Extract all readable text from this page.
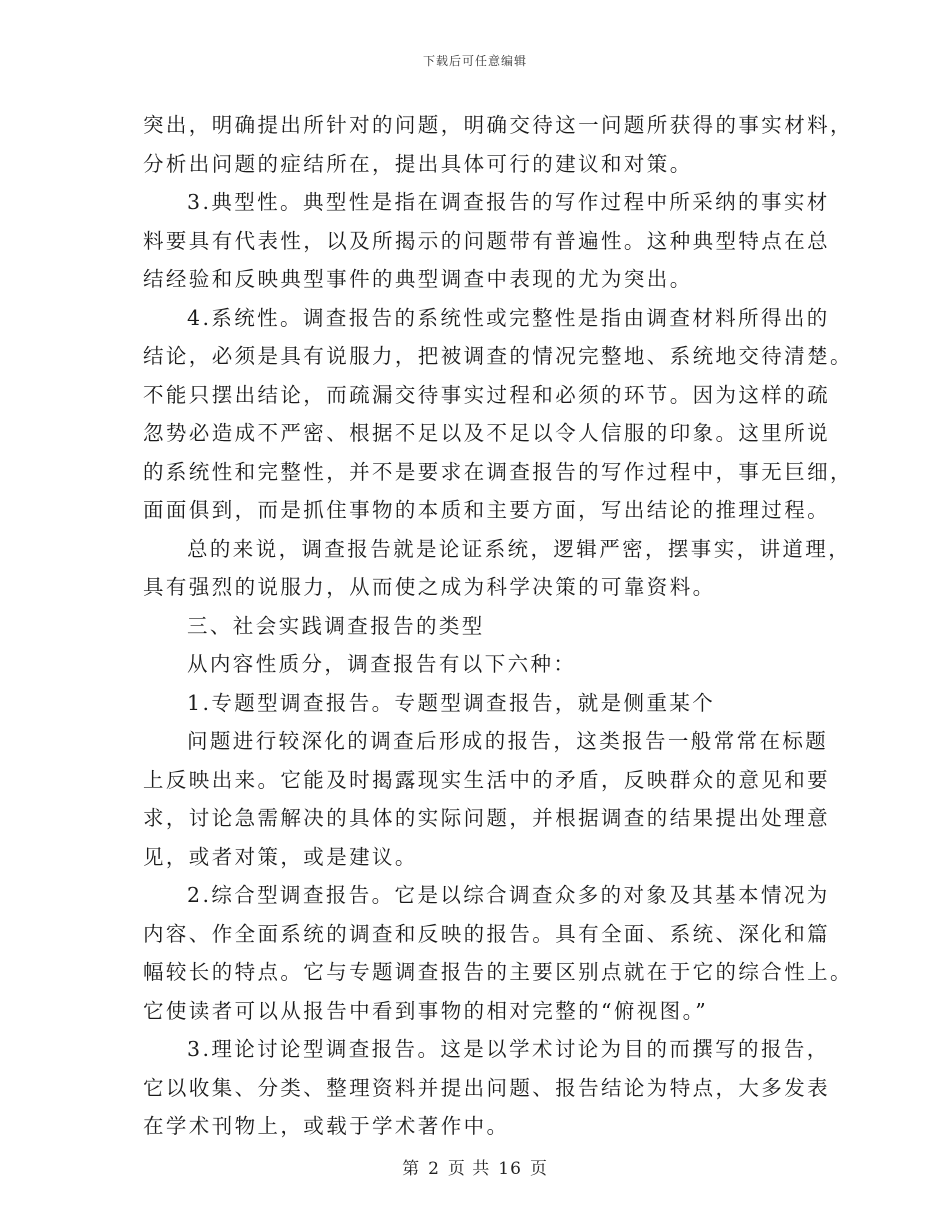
下载后可任意编辑
突出，明确提出所针对的问题，明确交待这一问题所获得的事实材料，
分析出问题的症结所在，提出具体可行的建议和对策。
3.典型性。典型性是指在调查报告的写作过程中所采纳的事实材
料要具有代表性，以及所揭示的问题带有普遍性。这种典型特点在总
结经验和反映典型事件的典型调查中表现的尤为突出。
4.系统性。调查报告的系统性或完整性是指由调查材料所得出的
结论，必须是具有说服力，把被调查的情况完整地、系统地交待清楚。
不能只摆出结论，而疏漏交待事实过程和必须的环节。因为这样的疏
忽势必造成不严密、根据不足以及不足以令人信服的印象。这里所说
的系统性和完整性，并不是要求在调查报告的写作过程中，事无巨细，
面面俱到，而是抓住事物的本质和主要方面，写出结论的推理过程。
总的来说，调查报告就是论证系统，逻辑严密，摆事实，讲道理，
具有强烈的说服力，从而使之成为科学决策的可靠资料。
三、社会实践调查报告的类型
从内容性质分，调查报告有以下六种：
1.专题型调查报告。专题型调查报告，就是侧重某个
问题进行较深化的调查后形成的报告，这类报告一般常常在标题
上反映出来。它能及时揭露现实生活中的矛盾，反映群众的意见和要
求，讨论急需解决的具体的实际问题，并根据调查的结果提出处理意
见，或者对策，或是建议。
2.综合型调查报告。它是以综合调查众多的对象及其基本情况为
内容、作全面系统的调查和反映的报告。具有全面、系统、深化和篇
幅较长的特点。它与专题调查报告的主要区别点就在于它的综合性上。
它使读者可以从报告中看到事物的相对完整的“俯视图。”
3.理论讨论型调查报告。这是以学术讨论为目的而撰写的报告，
它以收集、分类、整理资料并提出问题、报告结论为特点，大多发表
在学术刊物上，或载于学术著作中。
第 2 页 共 16 页
